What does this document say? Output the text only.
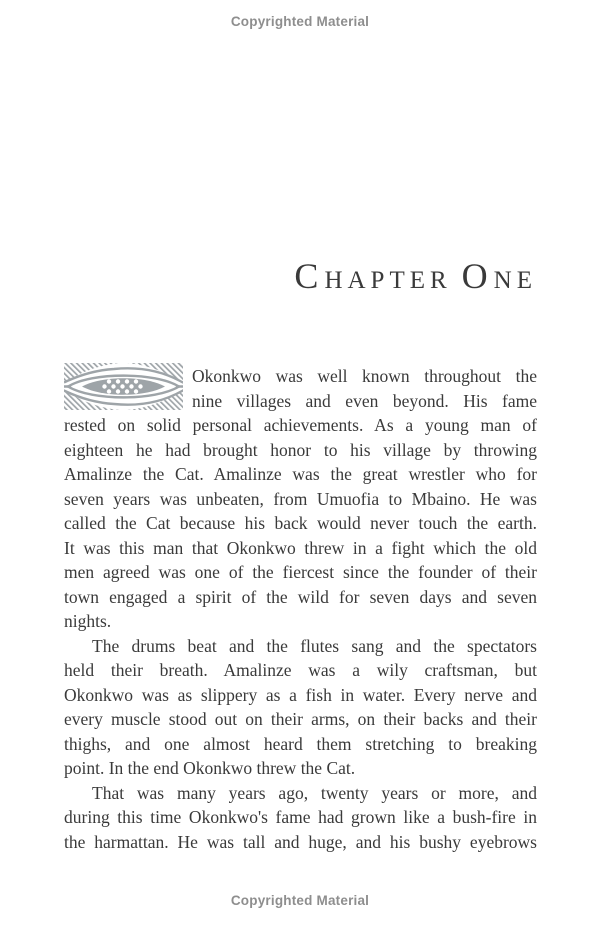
Copyrighted Material
CHAPTER ONE
Okonkwo was well known throughout the
nine villages and even beyond. His fame
rested on solid personal achievements. As a young man of
eighteen he had brought honor to his village by throwing
Amalinze the Cat. Amalinze was the great wrestler who for
seven years was unbeaten, from Umuofia to Mbaino. He was
called the Cat because his back would never touch the earth.
It was this man that Okonkwo threw in a fight which the old
men agreed was one of the fiercest since the founder of their
town engaged a spirit of the wild for seven days and seven
nights.
The drums beat and the flutes sang and the spectators
held their breath. Amalinze was a wily craftsman, but
Okonkwo was as slippery as a fish in water. Every nerve and
every muscle stood out on their arms, on their backs and their
thighs, and one almost heard them stretching to breaking
point. In the end Okonkwo threw the Cat.
That was many years ago, twenty years or more, and
during this time Okonkwo's fame had grown like a bush-fire in
the harmattan. He was tall and huge, and his bushy eyebrows
Copyrighted Material
